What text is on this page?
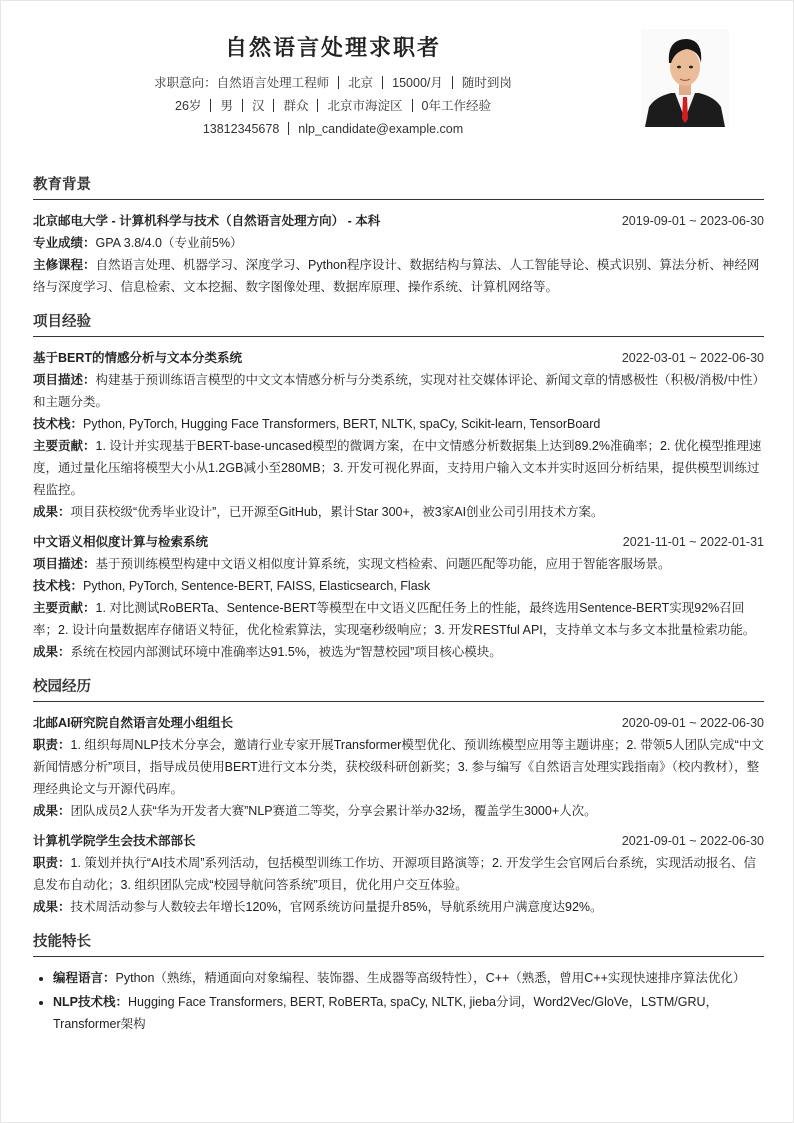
自然语言处理求职者
求职意向：自然语言处理工程师 北京 15000/月 随时到岗
26岁 男 汉 群众 北京市海淀区 0年工作经验
13812345678 nlp_candidate@example.com
教育背景
北京邮电大学 - 计算机科学与技术（自然语言处理方向） - 本科	2019-09-01 ~ 2023-06-30
专业成绩：GPA 3.8/4.0（专业前5%）
主修课程：自然语言处理、机器学习、深度学习、Python程序设计、数据结构与算法、人工智能导论、模式识别、算法分析、神经网络与深度学习、信息检索、文本挖掘、数字图像处理、数据库原理、操作系统、计算机网络等。
项目经验
基于BERT的情感分析与文本分类系统	2022-03-01 ~ 2022-06-30
项目描述：构建基于预训练语言模型的中文文本情感分析与分类系统，实现对社交媒体评论、新闻文章的情感极性（积极/消极/中性）和主题分类。
技术栈：Python, PyTorch, Hugging Face Transformers, BERT, NLTK, spaCy, Scikit-learn, TensorBoard
主要贡献：1. 设计并实现基于BERT-base-uncased模型的微调方案，在中文情感分析数据集上达到89.2%准确率；2. 优化模型推理速度，通过量化压缩将模型大小从1.2GB减小至280MB；3. 开发可视化界面，支持用户输入文本并实时返回分析结果，提供模型训练过程监控。
成果：项目获校级“优秀毕业设计”，已开源至GitHub，累计Star 300+，被3家AI创业公司引用技术方案。
中文语义相似度计算与检索系统	2021-11-01 ~ 2022-01-31
项目描述：基于预训练模型构建中文语义相似度计算系统，实现文档检索、问题匹配等功能，应用于智能客服场景。
技术栈：Python, PyTorch, Sentence-BERT, FAISS, Elasticsearch, Flask
主要贡献：1. 对比测试RoBERTa、Sentence-BERT等模型在中文语义匹配任务上的性能，最终选用Sentence-BERT实现92%召回率；2. 设计向量数据库存储语义特征，优化检索算法，实现毫秒级响应；3. 开发RESTful API，支持单文本与多文本批量检索功能。
成果：系统在校园内部测试环境中准确率达91.5%，被选为“智慧校园”项目核心模块。
校园经历
北邮AI研究院自然语言处理小组组长	2020-09-01 ~ 2022-06-30
职责：1. 组织每周NLP技术分享会，邀请行业专家开展Transformer模型优化、预训练模型应用等主题讲座；2. 带领5人团队完成“中文新闻情感分析”项目，指导成员使用BERT进行文本分类，获校级科研创新奖；3. 参与编写《自然语言处理实践指南》（校内教材），整理经典论文与开源代码库。
成果：团队成员2人获“华为开发者大赛”NLP赛道二等奖，分享会累计举办32场，覆盖学生3000+人次。
计算机学院学生会技术部部长	2021-09-01 ~ 2022-06-30
职责：1. 策划并执行“AI技术周”系列活动，包括模型训练工作坊、开源项目路演等；2. 开发学生会官网后台系统，实现活动报名、信息发布自动化；3. 组织团队完成“校园导航问答系统”项目，优化用户交互体验。
成果：技术周活动参与人数较去年增长120%，官网系统访问量提升85%，导航系统用户满意度达92%。
技能特长
• 编程语言：Python（熟练，精通面向对象编程、装饰器、生成器等高级特性），C++（熟悉，曾用C++实现快速排序算法优化）
• NLP技术栈：Hugging Face Transformers, BERT, RoBERTa, spaCy, NLTK, jieba分词，Word2Vec/GloVe，LSTM/GRU，Transformer架构
